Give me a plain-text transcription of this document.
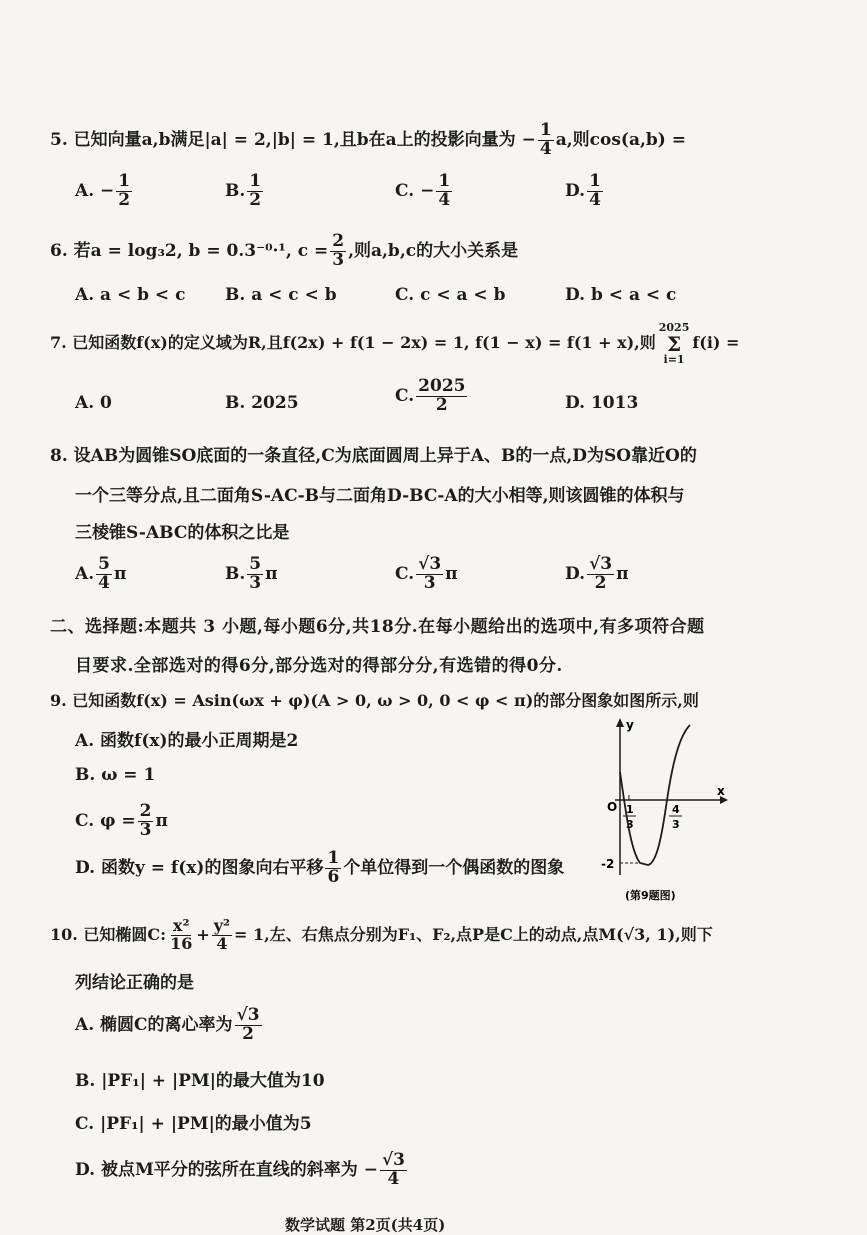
5. 已知向量a,b满足|a| = 2,|b| = 1,且b在a上的投影向量为 − $\frac{1}{4} a$,则cos(a,b) =
A. − $\frac{1}{2}$	B. $\frac{1}{2}$	C. − $\frac{1}{4}$	D. $\frac{1}{4}$
6. 若a = log₃2, b = 0.3⁻⁰·¹, $c = \frac{2}{3}$ ,则a,b,c的大小关系是
A. a < b < c B. a < c < b	C. c < a < b	D. b < a < c
7. 已知函数f(x)的定义域为R,且f(2x) + f(1 − 2x) = 1, f(1 − x) = f(1 + x),则
2025
Σ
i=1
f(i) =
A. 0	B. 2025	C. $\frac{2025}{2}$	D. 1013
8. 设AB为圆锥SO底面的一条直径,C为底面圆周上异于A、B的一点,D为SO靠近O的
一个三等分点,且二面角S-AC-B与二面角D-BC-A的大小相等,则该圆锥的体积与
三棱锥S-ABC的体积之比是
A. $\frac{5}{4}$ π	B. $\frac{5}{3}$ π	C. $\frac{√3}{3}$ π	D. $\frac{√3}{2}$ π
二、选择题:本题共 3 小题,每小题6分,共18分.在每小题给出的选项中,有多项符合题
目要求.全部选对的得6分,部分选对的得部分分,有选错的得0分.
9. 已知函数f(x) = Asin(ωx + φ)(A > 0, ω > 0, 0 < φ < π)的部分图象如图所示,则
A. 函数f(x)的最小正周期是2
B. ω = 1
C. $\varphi = \frac{2}{3}$ π
D. 函数y = f(x)的图象向右平移 $\frac{1}{6}$ 个单位得到一个偶函数的图象
y
x
O
-2
1
3
4
3
(第9题图)
10. 已知椭圆C: $\frac{\text{x²}}{16} + \frac{\text{y²}}{4} = 1$,左、右焦点分别为F₁、F₂,点P是C上的动点,点M(√3, 1),则下
列结论正确的是
A. 椭圆C的离心率为 $\frac{√3}{2}$
B. |PF₁| + |PM|的最大值为10
C. |PF₁| + |PM|的最小值为5
D. 被点M平分的弦所在直线的斜率为 − $\frac{√3}{4}$
数学试题 第2页(共4页)
